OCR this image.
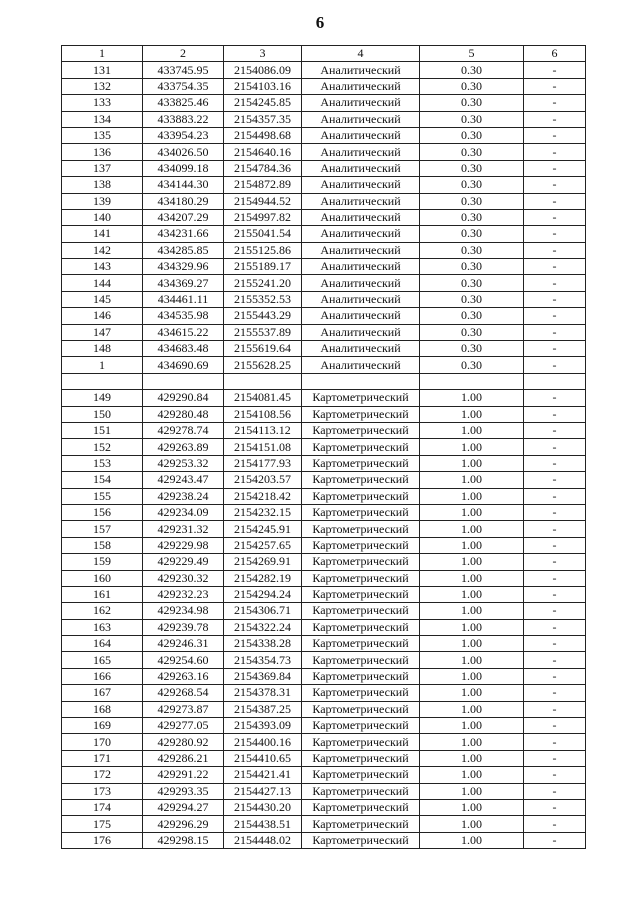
6
1	2	3	4	5	6
131	433745.95	2154086.09	Аналитический	0.30	-
132	433754.35	2154103.16	Аналитический	0.30	-
133	433825.46	2154245.85	Аналитический	0.30	-
134	433883.22	2154357.35	Аналитический	0.30	-
135	433954.23	2154498.68	Аналитический	0.30	-
136	434026.50	2154640.16	Аналитический	0.30	-
137	434099.18	2154784.36	Аналитический	0.30	-
138	434144.30	2154872.89	Аналитический	0.30	-
139	434180.29	2154944.52	Аналитический	0.30	-
140	434207.29	2154997.82	Аналитический	0.30	-
141	434231.66	2155041.54	Аналитический	0.30	-
142	434285.85	2155125.86	Аналитический	0.30	-
143	434329.96	2155189.17	Аналитический	0.30	-
144	434369.27	2155241.20	Аналитический	0.30	-
145	434461.11	2155352.53	Аналитический	0.30	-
146	434535.98	2155443.29	Аналитический	0.30	-
147	434615.22	2155537.89	Аналитический	0.30	-
148	434683.48	2155619.64	Аналитический	0.30	-
1	434690.69	2155628.25	Аналитический	0.30	-

149	429290.84	2154081.45	Картометрический	1.00	-
150	429280.48	2154108.56	Картометрический	1.00	-
151	429278.74	2154113.12	Картометрический	1.00	-
152	429263.89	2154151.08	Картометрический	1.00	-
153	429253.32	2154177.93	Картометрический	1.00	-
154	429243.47	2154203.57	Картометрический	1.00	-
155	429238.24	2154218.42	Картометрический	1.00	-
156	429234.09	2154232.15	Картометрический	1.00	-
157	429231.32	2154245.91	Картометрический	1.00	-
158	429229.98	2154257.65	Картометрический	1.00	-
159	429229.49	2154269.91	Картометрический	1.00	-
160	429230.32	2154282.19	Картометрический	1.00	-
161	429232.23	2154294.24	Картометрический	1.00	-
162	429234.98	2154306.71	Картометрический	1.00	-
163	429239.78	2154322.24	Картометрический	1.00	-
164	429246.31	2154338.28	Картометрический	1.00	-
165	429254.60	2154354.73	Картометрический	1.00	-
166	429263.16	2154369.84	Картометрический	1.00	-
167	429268.54	2154378.31	Картометрический	1.00	-
168	429273.87	2154387.25	Картометрический	1.00	-
169	429277.05	2154393.09	Картометрический	1.00	-
170	429280.92	2154400.16	Картометрический	1.00	-
171	429286.21	2154410.65	Картометрический	1.00	-
172	429291.22	2154421.41	Картометрический	1.00	-
173	429293.35	2154427.13	Картометрический	1.00	-
174	429294.27	2154430.20	Картометрический	1.00	-
175	429296.29	2154438.51	Картометрический	1.00	-
176	429298.15	2154448.02	Картометрический	1.00	-
